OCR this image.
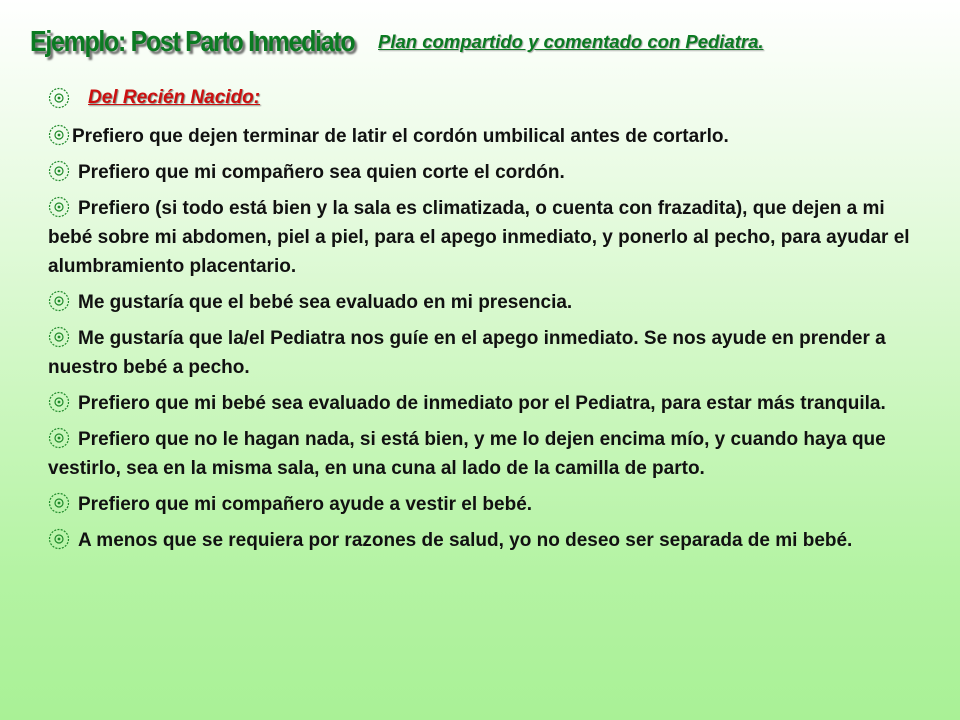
Ejemplo: Post Parto Inmediato Plan compartido y comentado con Pediatra.
Del Recién Nacido:
Prefiero que dejen terminar de latir el cordón umbilical antes de cortarlo.
Prefiero que mi compañero sea quien corte el cordón.
Prefiero (si todo está bien y la sala es climatizada, o cuenta con frazadita), que dejen a mi bebé sobre mi abdomen, piel a piel, para el apego inmediato, y ponerlo al pecho, para ayudar el alumbramiento placentario.
Me gustaría que el bebé sea evaluado en mi presencia.
Me gustaría que la/el Pediatra nos guíe en el apego inmediato. Se nos ayude en prender a nuestro bebé a pecho.
Prefiero que mi bebé sea evaluado de inmediato por el Pediatra, para estar más tranquila.
Prefiero que no le hagan nada, si está bien, y me lo dejen encima mío, y cuando haya que vestirlo, sea en la misma sala, en una cuna al lado de la camilla de parto.
Prefiero que mi compañero ayude a vestir el bebé.
A menos que se requiera por razones de salud, yo no deseo ser separada de mi bebé.
